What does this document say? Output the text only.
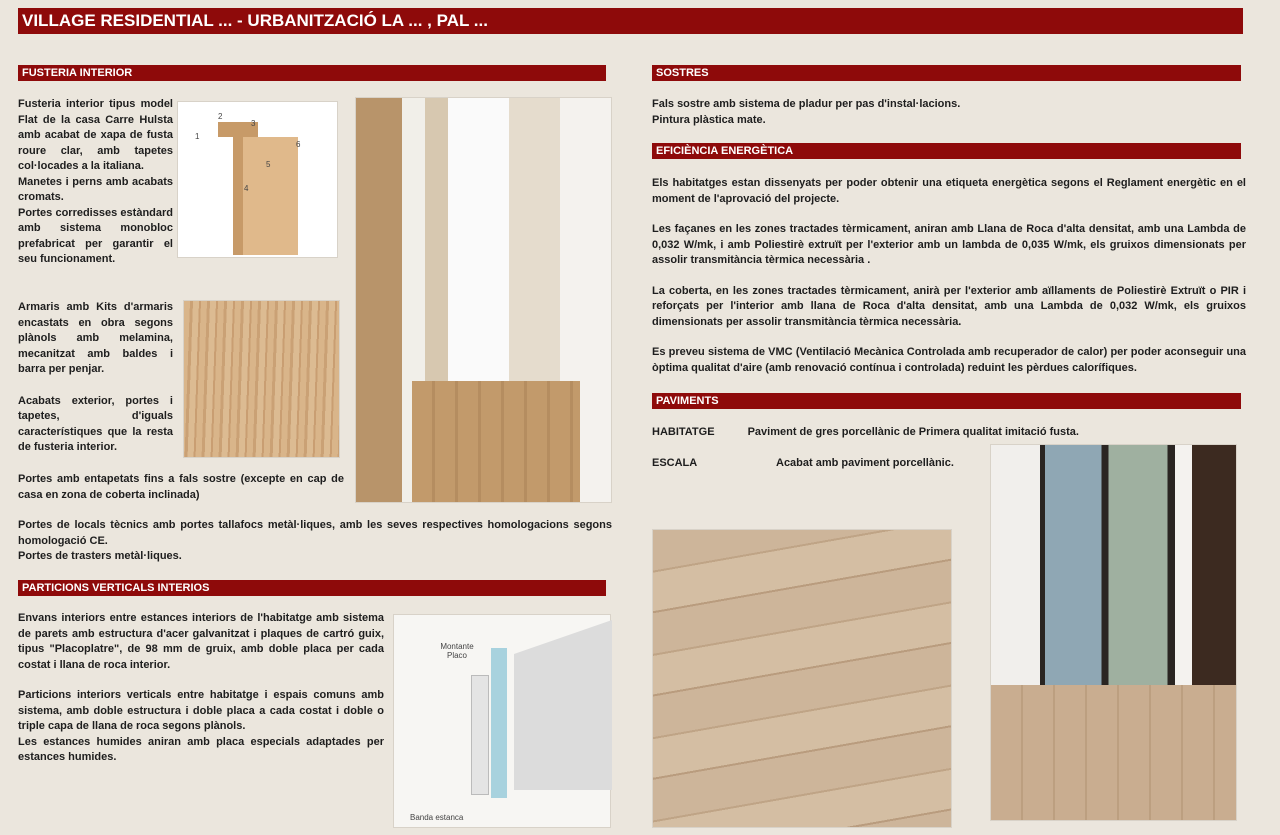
VILLAGE RESIDENTIAL ... - URBANITZACIÓ LA ... , PAL ...
FUSTERIA INTERIOR
Fusteria interior tipus model Flat de la casa Carre Hulsta amb acabat de xapa de fusta roure clar, amb tapetes col·locades a la italiana.
Manetes i perns amb acabats cromats.
Portes corredisses estàndard amb sistema monobloc prefabricat per garantir el seu funcionament.
1
2
3
4
5
6
Armaris amb Kits d'armaris encastats en obra segons plànols amb melamina, mecanitzat amb baldes i barra per penjar.
Acabats exterior, portes i tapetes, d'iguals característiques que la resta de fusteria interior.
Portes amb entapetats fins a fals sostre (excepte en cap de casa en zona de coberta inclinada)
Portes de locals tècnics amb portes tallafocs metàl·liques, amb les seves respectives homologacions segons homologació CE.
Portes de trasters metàl·liques.
PARTICIONS VERTICALS INTERIOS

Envans interiors entre estances interiors de l'habitatge amb sistema de parets amb estructura d'acer galvanitzat i plaques de cartró guix, tipus "Placoplatre", de 98 mm de gruix, amb doble placa per cada costat i llana de roca interior.

Particions interiors verticals entre habitatge i espais comuns amb sistema, amb doble estructura i doble placa a cada costat i doble o triple capa de llana de roca segons plànols.
Les estances humides aniran amb placa especials adaptades per estances humides.
Montante Placo
Banda estanca
SOSTRES
Fals sostre amb sistema de pladur per pas d'instal·lacions.
Pintura plàstica mate.
EFICIÈNCIA ENERGÈTICA

Els habitatges estan dissenyats per poder obtenir una etiqueta energètica segons el Reglament energètic en el moment de l'aprovació del projecte.

Les façanes en les zones tractades tèrmicament, aniran amb Llana de Roca d'alta densitat, amb una Lambda de 0,032 W/mk, i amb Poliestirè extruït per l'exterior amb un lambda de 0,035 W/mk, els gruixos dimensionats per assolir transmitància tèrmica necessària .

La coberta, en les zones tractades tèrmicament, anirà per l'exterior amb aïllaments de Poliestirè Extruït o PIR i reforçats per l'interior amb llana de Roca d'alta densitat, amb una Lambda de 0,032 W/mk, els gruixos dimensionats per assolir transmitància tèrmica necessària.

Es preveu sistema de VMC (Ventilació Mecànica Controlada amb recuperador de calor) per poder aconseguir una òptima qualitat d'aire (amb renovació contínua i controlada) reduint les pèrdues calorífiques.

PAVIMENTS
HABITATGE	Paviment de gres porcellànic de Primera qualitat imitació fusta.
ESCALA	Acabat amb paviment porcellànic.
